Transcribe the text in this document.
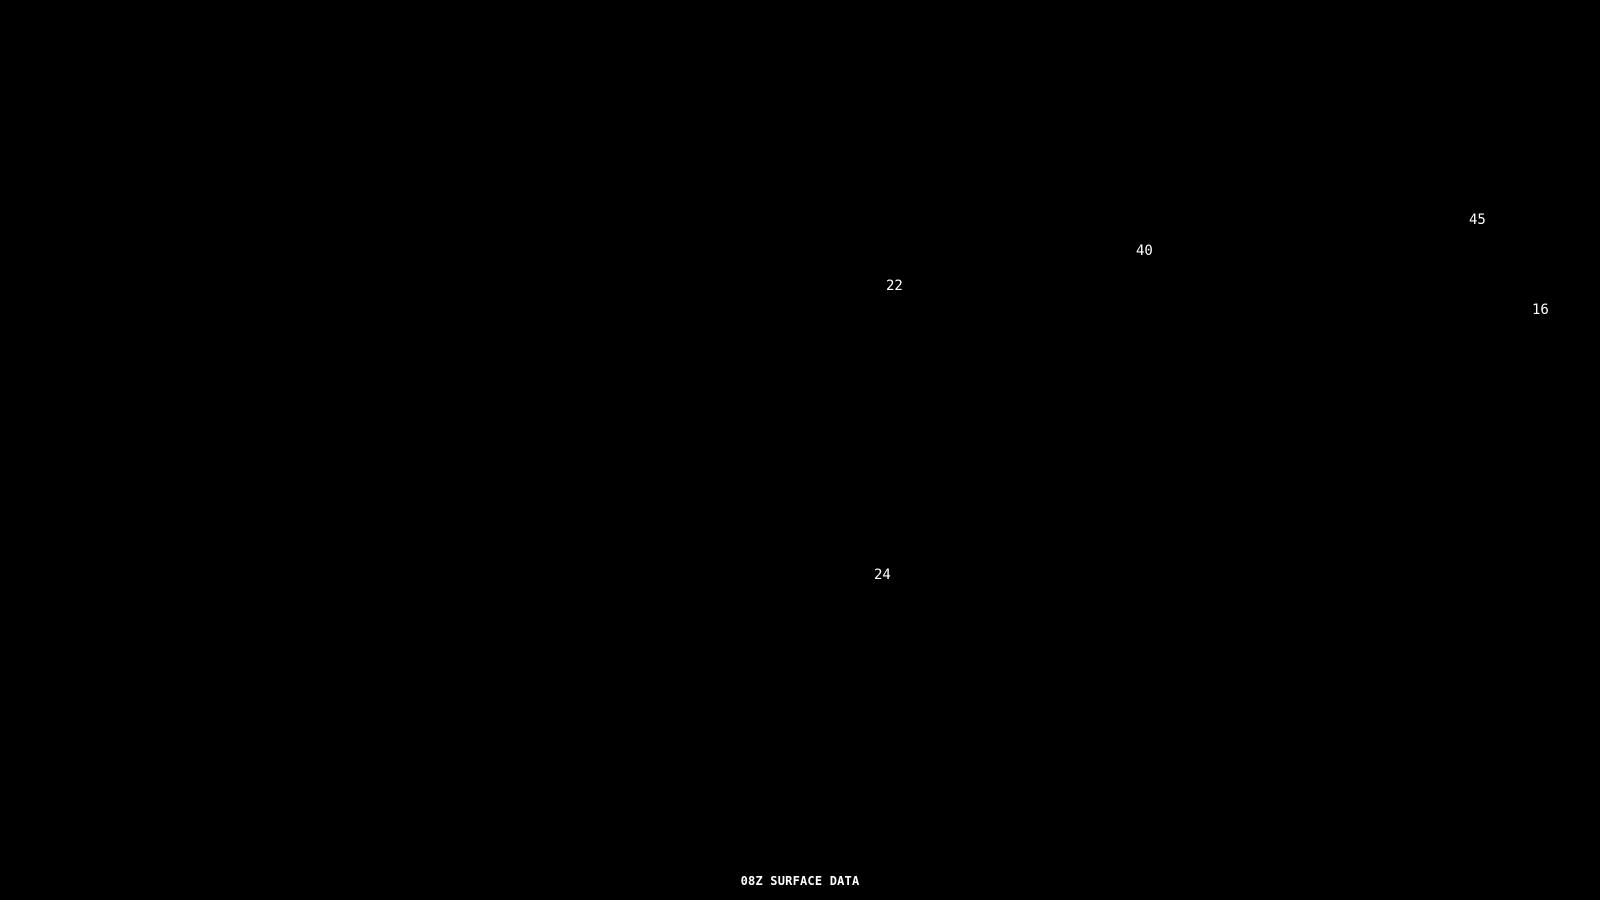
22
40
45
16
24
08Z SURFACE DATA
